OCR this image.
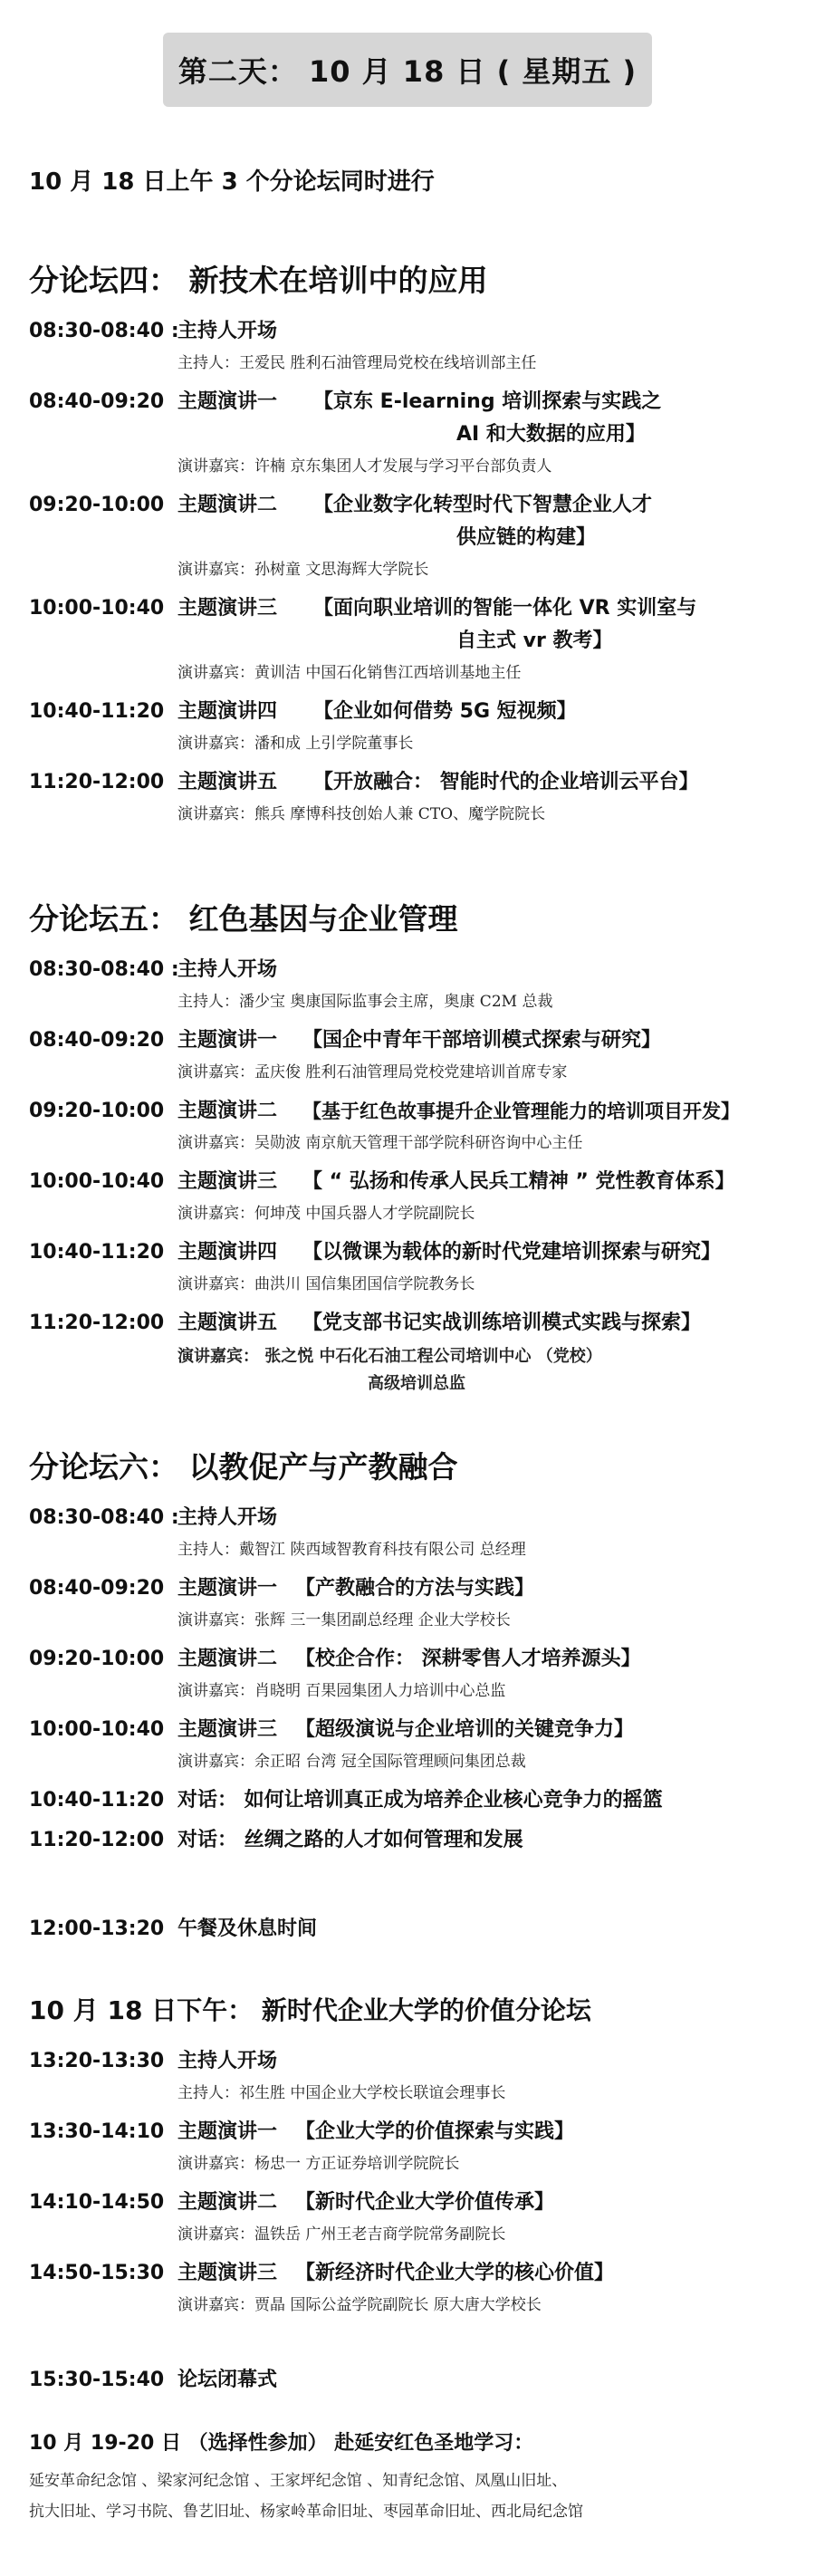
第二天： 10 月 18 日 ( 星期五 )
10 月 18 日上午 3 个分论坛同时进行
分论坛四： 新技术在培训中的应用
08:30-08:40 :
主持人开场
主持人：王爱民 胜利石油管理局党校在线培训部主任
08:40-09:20 主题演讲一	【京东 E-learning 培训探索与实践之
AI 和大数据的应用】
演讲嘉宾：许楠 京东集团人才发展与学习平台部负责人
09:20-10:00 主题演讲二	【企业数字化转型时代下智慧企业人才
供应链的构建】
演讲嘉宾：孙树童 文思海辉大学院长
10:00-10:40 主题演讲三	【面向职业培训的智能一体化 VR 实训室与
自主式 vr 教考】
演讲嘉宾：黄训洁 中国石化销售江西培训基地主任
10:40-11:20 主题演讲四	【企业如何借势 5G 短视频】
演讲嘉宾：潘和成 上引学院董事长
11:20-12:00 主题演讲五	【开放融合： 智能时代的企业培训云平台】
演讲嘉宾：熊兵 摩博科技创始人兼 CTO、魔学院院长
分论坛五： 红色基因与企业管理
08:30-08:40 :
主持人开场
主持人：潘少宝 奥康国际监事会主席，奥康 C2M 总裁
08:40-09:20 主题演讲一	【国企中青年干部培训模式探索与研究】
演讲嘉宾：孟庆俊 胜利石油管理局党校党建培训首席专家
09:20-10:00 主题演讲二	【基于红色故事提升企业管理能力的培训项目开发】
演讲嘉宾：吴勋波 南京航天管理干部学院科研咨询中心主任
10:00-10:40 主题演讲三	【 “ 弘扬和传承人民兵工精神 ” 党性教育体系】
演讲嘉宾：何坤茂 中国兵器人才学院副院长
10:40-11:20 主题演讲四	【以微课为载体的新时代党建培训探索与研究】
演讲嘉宾：曲洪川 国信集团国信学院教务长
11:20-12:00 主题演讲五	【党支部书记实战训练培训模式实践与探索】
演讲嘉宾： 张之悦 中石化石油工程公司培训中心 （党校）
高级培训总监
分论坛六： 以教促产与产教融合
08:30-08:40 :
主持人开场
主持人：戴智江 陕西域智教育科技有限公司 总经理
08:40-09:20 主题演讲一 【产教融合的方法与实践】
演讲嘉宾：张辉 三一集团副总经理 企业大学校长
09:20-10:00 主题演讲二 【校企合作： 深耕零售人才培养源头】
演讲嘉宾：肖晓明 百果园集团人力培训中心总监
10:00-10:40 主题演讲三 【超级演说与企业培训的关键竞争力】
演讲嘉宾：余正昭 台湾 冠全国际管理顾问集团总裁
10:40-11:20 对话： 如何让培训真正成为培养企业核心竞争力的摇篮
11:20-12:00 对话： 丝绸之路的人才如何管理和发展
12:00-13:20 午餐及休息时间
10 月 18 日下午： 新时代企业大学的价值分论坛
13:20-13:30 主持人开场
主持人：祁生胜 中国企业大学校长联谊会理事长
13:30-14:10 主题演讲一 【企业大学的价值探索与实践】
演讲嘉宾：杨忠一 方正证券培训学院院长
14:10-14:50 主题演讲二 【新时代企业大学价值传承】
演讲嘉宾：温铁岳 广州王老吉商学院常务副院长
14:50-15:30 主题演讲三 【新经济时代企业大学的核心价值】
演讲嘉宾：贾晶 国际公益学院副院长 原大唐大学校长
15:30-15:40 论坛闭幕式
10 月 19-20 日 （选择性参加） 赴延安红色圣地学习：
延安革命纪念馆 、梁家河纪念馆 、王家坪纪念馆 、知青纪念馆、凤凰山旧址、
抗大旧址、学习书院、鲁艺旧址、杨家岭革命旧址、枣园革命旧址、西北局纪念馆
